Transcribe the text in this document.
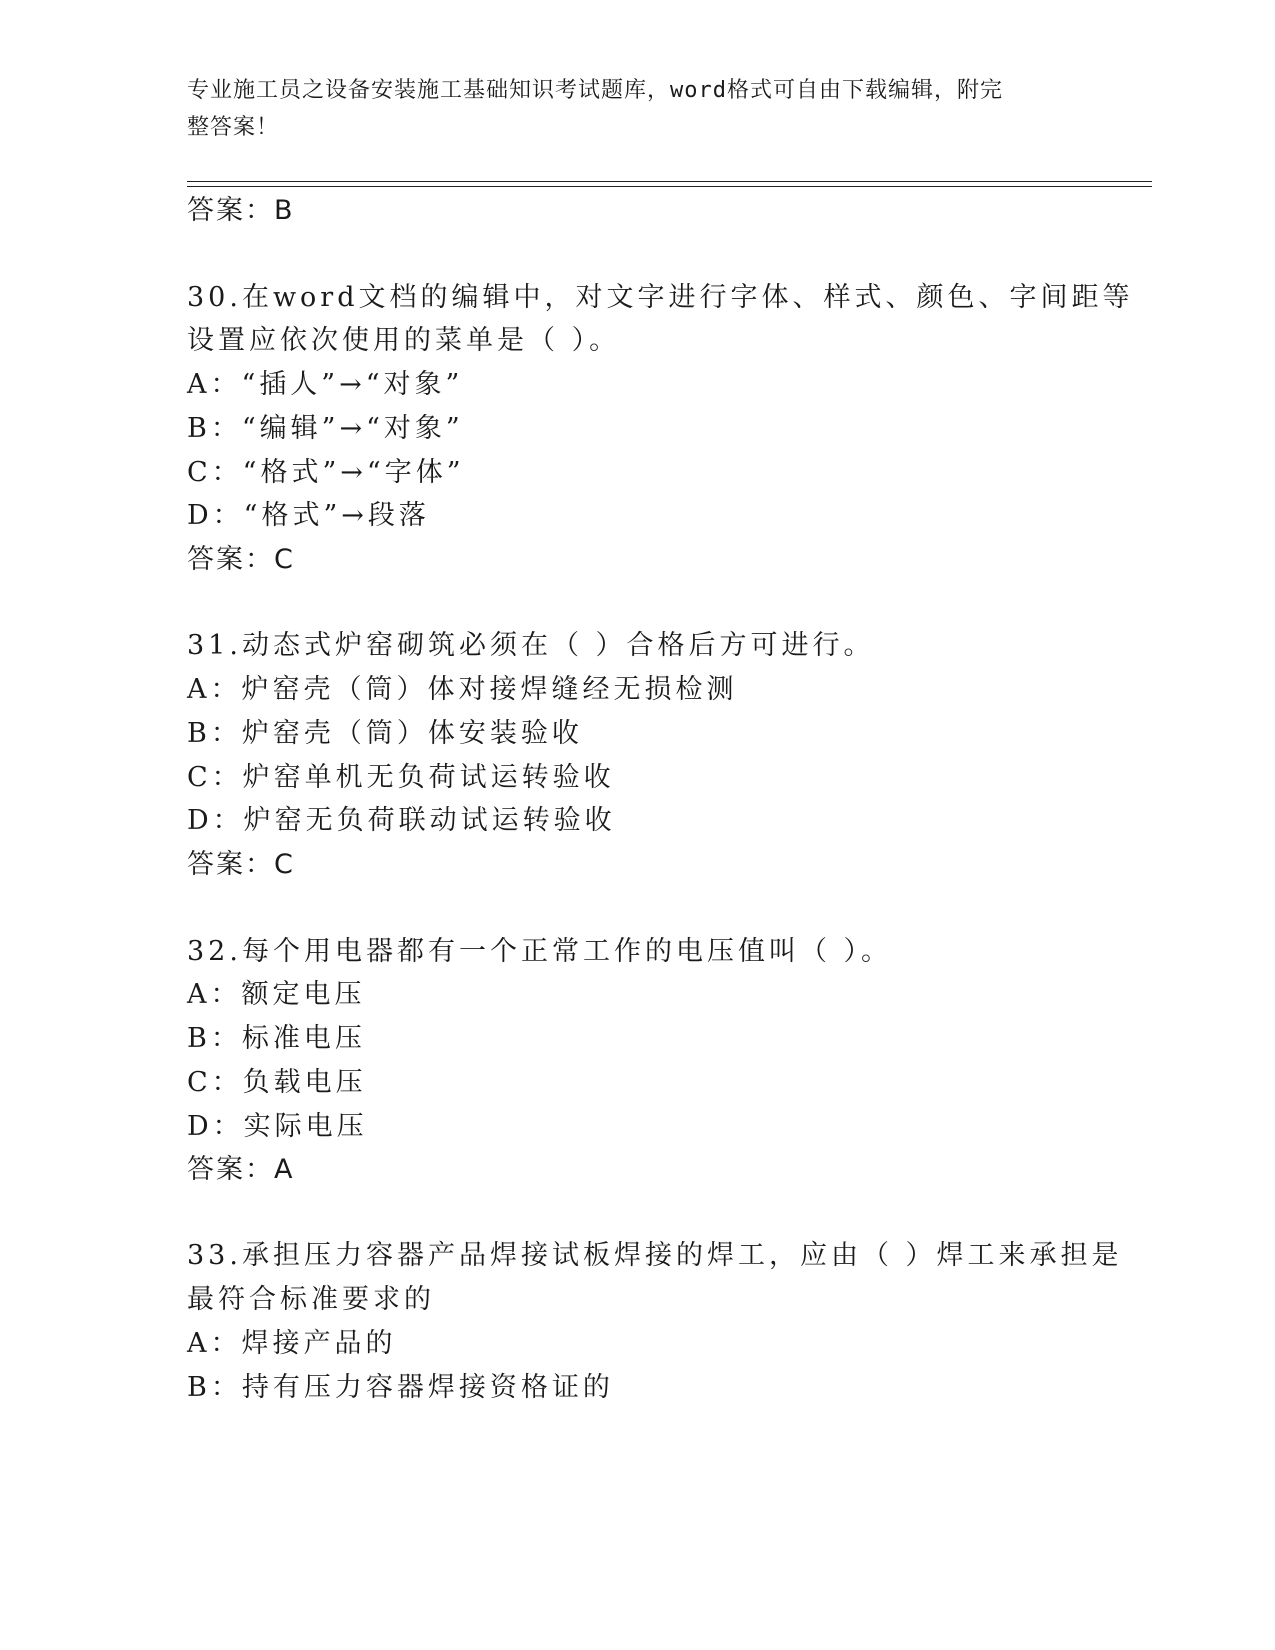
专业施工员之设备安装施工基础知识考试题库，word格式可自由下载编辑，附完
整答案！
答案：B
30.在word文档的编辑中，对文字进行字体、样式、颜色、字间距等
设置应依次使用的菜单是（ ）。
A：“插人”→“对象”
B：“编辑”→“对象”
C：“格式”→“字体”
D：“格式”→段落
答案：C
31.动态式炉窑砌筑必须在（ ）合格后方可进行。
A：炉窑壳（筒）体对接焊缝经无损检测
B：炉窑壳（筒）体安装验收
C：炉窑单机无负荷试运转验收
D：炉窑无负荷联动试运转验收
答案：C
32.每个用电器都有一个正常工作的电压值叫（ ）。
A：额定电压
B：标准电压
C：负载电压
D：实际电压
答案：A
33.承担压力容器产品焊接试板焊接的焊工，应由（ ）焊工来承担是
最符合标准要求的
A：焊接产品的
B：持有压力容器焊接资格证的
